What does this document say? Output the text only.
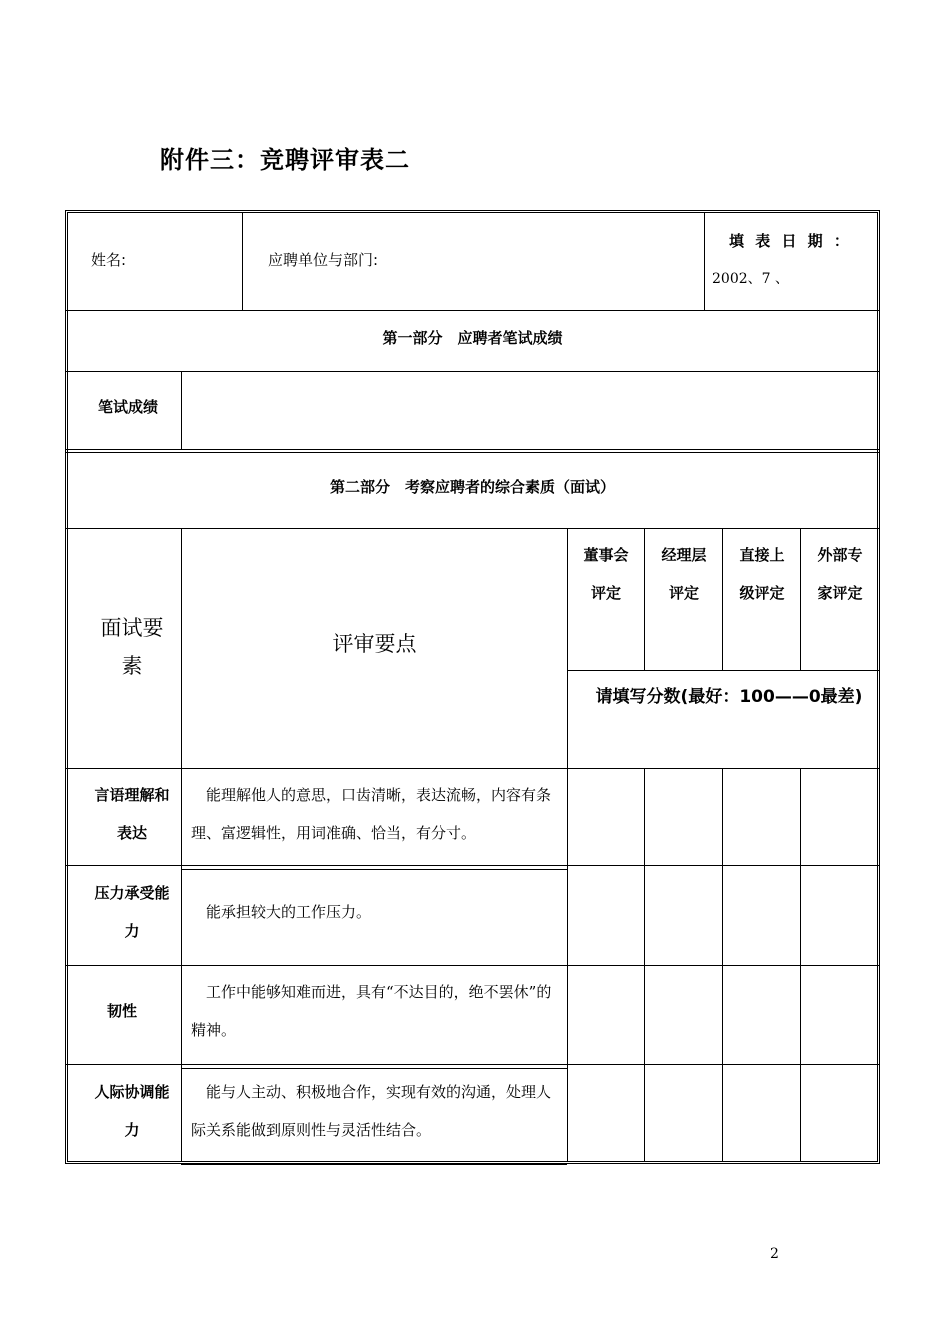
附件三：竞聘评审表二
姓名:	应聘单位与部门:
填 表 日 期 ：
2002、7 、
第一部分　应聘者笔试成绩
笔试成绩
第二部分　考察应聘者的综合素质（面试）
面试要素
评审要点
董事会评定
经理层评定
直接上级评定
外部专家评定
请填写分数(最好：100——0最差)
言语理解和表达
能理解他人的意思，口齿清晰，表达流畅，内容有条理、富逻辑性，用词准确、恰当，有分寸。
压力承受能力
能承担较大的工作压力。
韧性
工作中能够知难而进，具有“不达目的，绝不罢休”的精神。
人际协调能力
能与人主动、积极地合作，实现有效的沟通，处理人际关系能做到原则性与灵活性结合。
2
